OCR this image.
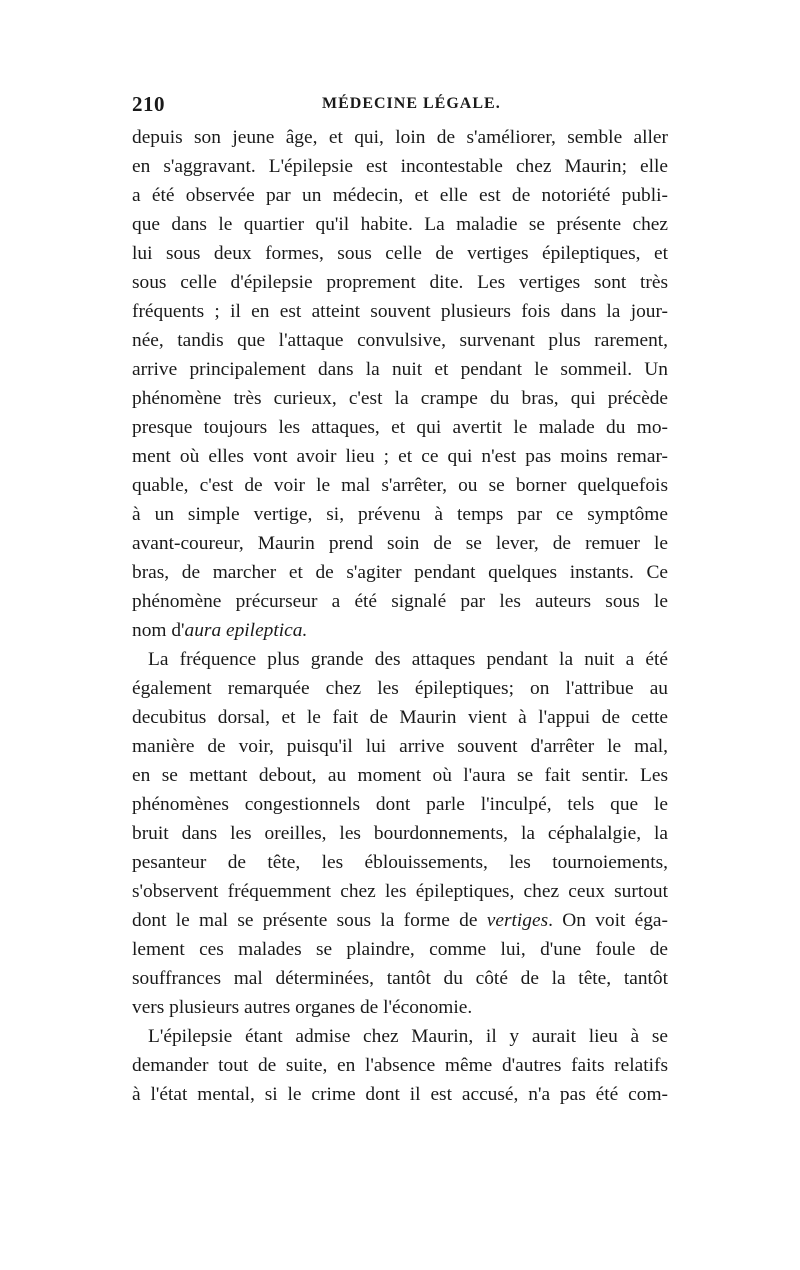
210	MÉDECINE LÉGALE.
depuis son jeune âge, et qui, loin de s'améliorer, semble aller
en s'aggravant. L'épilepsie est incontestable chez Maurin; elle
a été observée par un médecin, et elle est de notoriété publi-
que dans le quartier qu'il habite. La maladie se présente chez
lui sous deux formes, sous celle de vertiges épileptiques, et
sous celle d'épilepsie proprement dite. Les vertiges sont très
fréquents ; il en est atteint souvent plusieurs fois dans la jour-
née, tandis que l'attaque convulsive, survenant plus rarement,
arrive principalement dans la nuit et pendant le sommeil. Un
phénomène très curieux, c'est la crampe du bras, qui précède
presque toujours les attaques, et qui avertit le malade du mo-
ment où elles vont avoir lieu ; et ce qui n'est pas moins remar-
quable, c'est de voir le mal s'arrêter, ou se borner quelquefois
à un simple vertige, si, prévenu à temps par ce symptôme
avant-coureur, Maurin prend soin de se lever, de remuer le
bras, de marcher et de s'agiter pendant quelques instants. Ce
phénomène précurseur a été signalé par les auteurs sous le
nom d'aura epileptica.
La fréquence plus grande des attaques pendant la nuit a été
également remarquée chez les épileptiques; on l'attribue au
decubitus dorsal, et le fait de Maurin vient à l'appui de cette
manière de voir, puisqu'il lui arrive souvent d'arrêter le mal,
en se mettant debout, au moment où l'aura se fait sentir. Les
phénomènes congestionnels dont parle l'inculpé, tels que le
bruit dans les oreilles, les bourdonnements, la céphalalgie, la
pesanteur de tête, les éblouissements, les tournoiements,
s'observent fréquemment chez les épileptiques, chez ceux surtout
dont le mal se présente sous la forme de vertiges. On voit éga-
lement ces malades se plaindre, comme lui, d'une foule de
souffrances mal déterminées, tantôt du côté de la tête, tantôt
vers plusieurs autres organes de l'économie.
L'épilepsie étant admise chez Maurin, il y aurait lieu à se
demander tout de suite, en l'absence même d'autres faits relatifs
à l'état mental, si le crime dont il est accusé, n'a pas été com-
